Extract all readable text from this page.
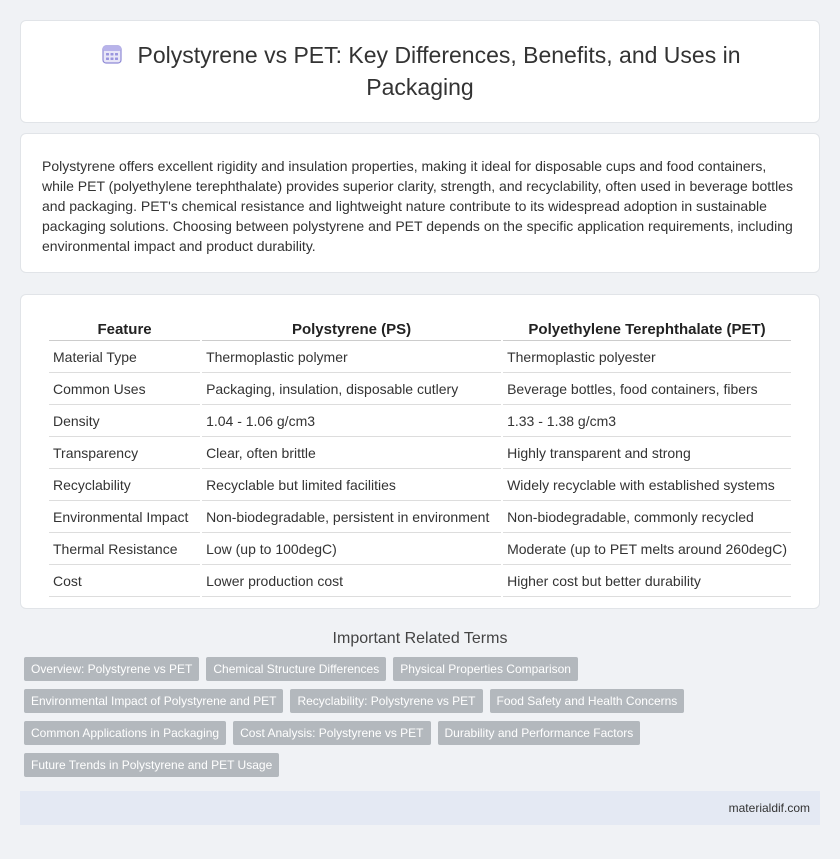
Polystyrene vs PET: Key Differences, Benefits, and Uses in Packaging

Polystyrene offers excellent rigidity and insulation properties, making it ideal for disposable cups and food containers, while PET (polyethylene terephthalate) provides superior clarity, strength, and recyclability, often used in beverage bottles and packaging. PET's chemical resistance and lightweight nature contribute to its widespread adoption in sustainable packaging solutions. Choosing between polystyrene and PET depends on the specific application requirements, including environmental impact and product durability.

Feature	Polystyrene (PS)	Polyethylene Terephthalate (PET)
Material Type	Thermoplastic polymer	Thermoplastic polyester
Common Uses	Packaging, insulation, disposable cutlery	Beverage bottles, food containers, fibers
Density	1.04 - 1.06 g/cm3	1.33 - 1.38 g/cm3
Transparency	Clear, often brittle	Highly transparent and strong
Recyclability	Recyclable but limited facilities	Widely recyclable with established systems
Environmental Impact	Non-biodegradable, persistent in environment	Non-biodegradable, commonly recycled
Thermal Resistance	Low (up to 100degC)	Moderate (up to PET melts around 260degC)
Cost	Lower production cost	Higher cost but better durability
Important Related Terms
Overview: Polystyrene vs PET	Chemical Structure Differences	Physical Properties Comparison
Environmental Impact of Polystyrene and PET	Recyclability: Polystyrene vs PET	Food Safety and Health Concerns
Common Applications in Packaging	Cost Analysis: Polystyrene vs PET	Durability and Performance Factors
Future Trends in Polystyrene and PET Usage
materialdif.com
